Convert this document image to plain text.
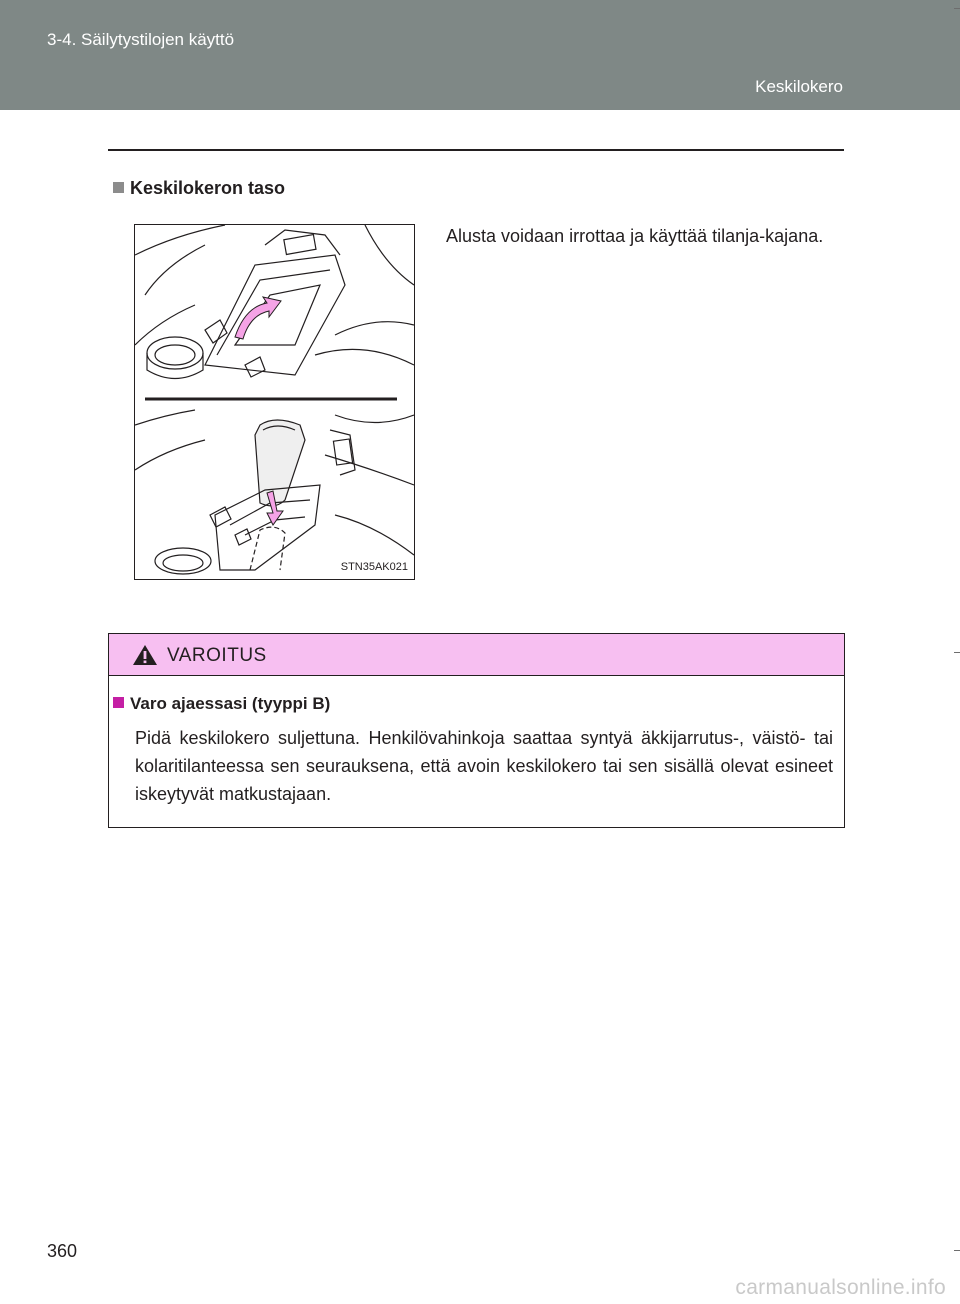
3-4. Säilytystilojen käyttö
Keskilokero
Keskilokeron taso
STN35AK021
Alusta voidaan irrottaa ja käyttää tilanja-kajana.
VAROITUS
Varo ajaessasi (tyyppi B)
Pidä keskilokero suljettuna. Henkilövahinkoja saattaa syntyä äkkijarrutus-, väistö- tai kolaritilanteessa sen seurauksena, että avoin keskilokero tai sen sisällä olevat esineet iskeytyvät matkustajaan.
360
carmanualsonline.info
